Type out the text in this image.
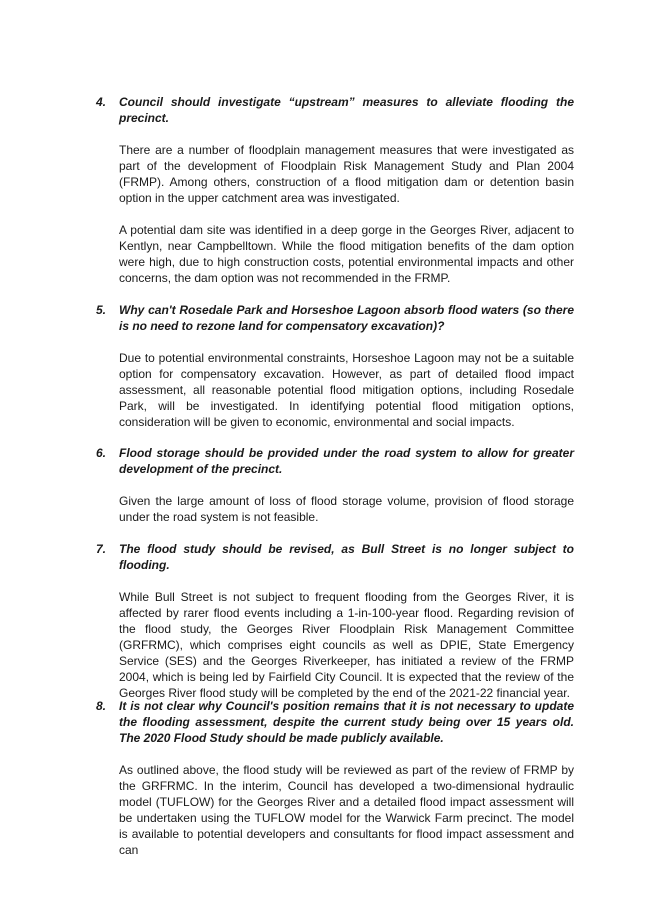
4. Council should investigate “upstream” measures to alleviate flooding the precinct.

There are a number of floodplain management measures that were investigated as part of the development of Floodplain Risk Management Study and Plan 2004 (FRMP). Among others, construction of a flood mitigation dam or detention basin option in the upper catchment area was investigated.

A potential dam site was identified in a deep gorge in the Georges River, adjacent to Kentlyn, near Campbelltown. While the flood mitigation benefits of the dam option were high, due to high construction costs, potential environmental impacts and other concerns, the dam option was not recommended in the FRMP.

5. Why can't Rosedale Park and Horseshoe Lagoon absorb flood waters (so there is no need to rezone land for compensatory excavation)?

Due to potential environmental constraints, Horseshoe Lagoon may not be a suitable option for compensatory excavation. However, as part of detailed flood impact assessment, all reasonable potential flood mitigation options, including Rosedale Park, will be investigated. In identifying potential flood mitigation options, consideration will be given to economic, environmental and social impacts.

6. Flood storage should be provided under the road system to allow for greater development of the precinct.

Given the large amount of loss of flood storage volume, provision of flood storage under the road system is not feasible.

7. The flood study should be revised, as Bull Street is no longer subject to flooding.

While Bull Street is not subject to frequent flooding from the Georges River, it is affected by rarer flood events including a 1-in-100-year flood. Regarding revision of the flood study, the Georges River Floodplain Risk Management Committee (GRFRMC), which comprises eight councils as well as DPIE, State Emergency Service (SES) and the Georges Riverkeeper, has initiated a review of the FRMP 2004, which is being led by Fairfield City Council. It is expected that the review of the Georges River flood study will be completed by the end of the 2021-22 financial year.

8. It is not clear why Council's position remains that it is not necessary to update the flooding assessment, despite the current study being over 15 years old. The 2020 Flood Study should be made publicly available.

As outlined above, the flood study will be reviewed as part of the review of FRMP by the GRFRMC. In the interim, Council has developed a two-dimensional hydraulic model (TUFLOW) for the Georges River and a detailed flood impact assessment will be undertaken using the TUFLOW model for the Warwick Farm precinct. The model is available to potential developers and consultants for flood impact assessment and can
